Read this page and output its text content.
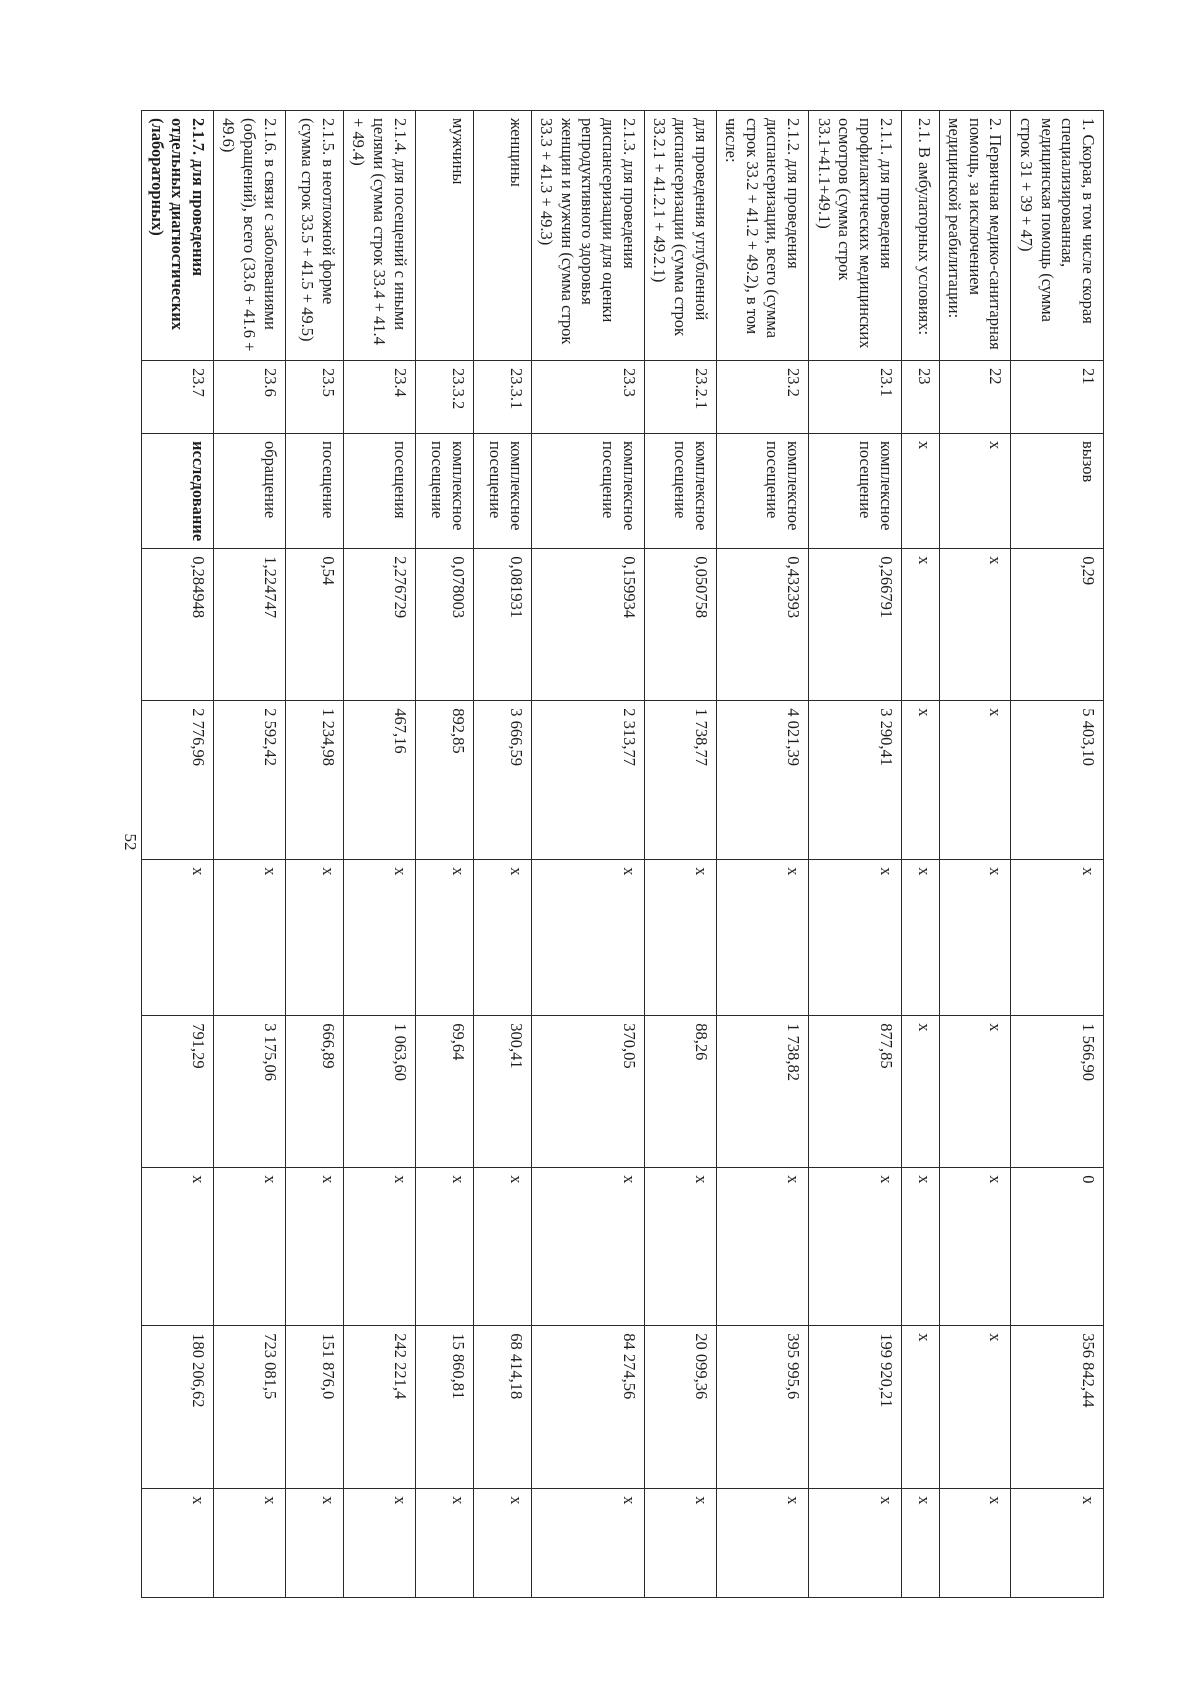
1. Скорая, в том числе скорая специализированная, медицинская помощь (сумма строк 31 + 39 + 47)	21	вызов	0,29	5 403,10	х	1 566,90	0	356 842,44	х
2. Первичная медико-санитарная помощь, за исключением медицинской реабилитации:	22	х	х	х	х	х	х	х	х
2.1. В амбулаторных условиях:	23	х	х	х	х	х	х	х	х
2.1.1. для проведения профилактических медицинских осмотров (сумма строк 33.1+41.1+49.1)	23.1	комплексное посещение	0,266791	3 290,41	х	877,85	х	199 920,21	х
2.1.2. для проведения диспансеризации, всего (сумма строк 33.2 + 41.2 + 49.2), в том числе:	23.2	комплексное посещение	0,432393	4 021,39	х	1 738,82	х	395 995,6	х
для проведения углубленной диспансеризации (сумма строк 33.2.1 + 41.2.1 + 49.2.1)	23.2.1	комплексное посещение	0,050758	1 738,77	х	88,26	х	20 099,36	х
2.1.3. для проведения диспансеризации для оценки репродуктивного здоровья женщин и мужчин (сумма строк 33.3 + 41.3 + 49.3)	23.3	комплексное посещение	0,159934	2 313,77	х	370,05	х	84 274,56	х
женщины	23.3.1	комплексное посещение	0,081931	3 666,59	х	300,41	х	68 414,18	х
мужчины	23.3.2	комплексное посещение	0,078003	892,85	х	69,64	х	15 860,81	х
2.1.4. для посещений с иными целями (сумма строк 33.4 + 41.4 + 49.4)	23.4	посещения	2,276729	467,16	х	1 063,60	х	242 221,4	х
2.1.5. в неотложной форме (сумма строк 33.5 + 41.5 + 49.5)	23.5	посещение	0,54	1 234,98	х	666,89	х	151 876,0	х
2.1.6. в связи с заболеваниями (обращений), всего (33.6 + 41.6 + 49.6)	23.6	обращение	1,224747	2 592,42	х	3 175,06	х	723 081,5	х
2.1.7. для проведения отдельных диагностических (лабораторных)	23.7	исследование	0,284948	2 776,96	х	791,29	х	180 206,62	х
52
